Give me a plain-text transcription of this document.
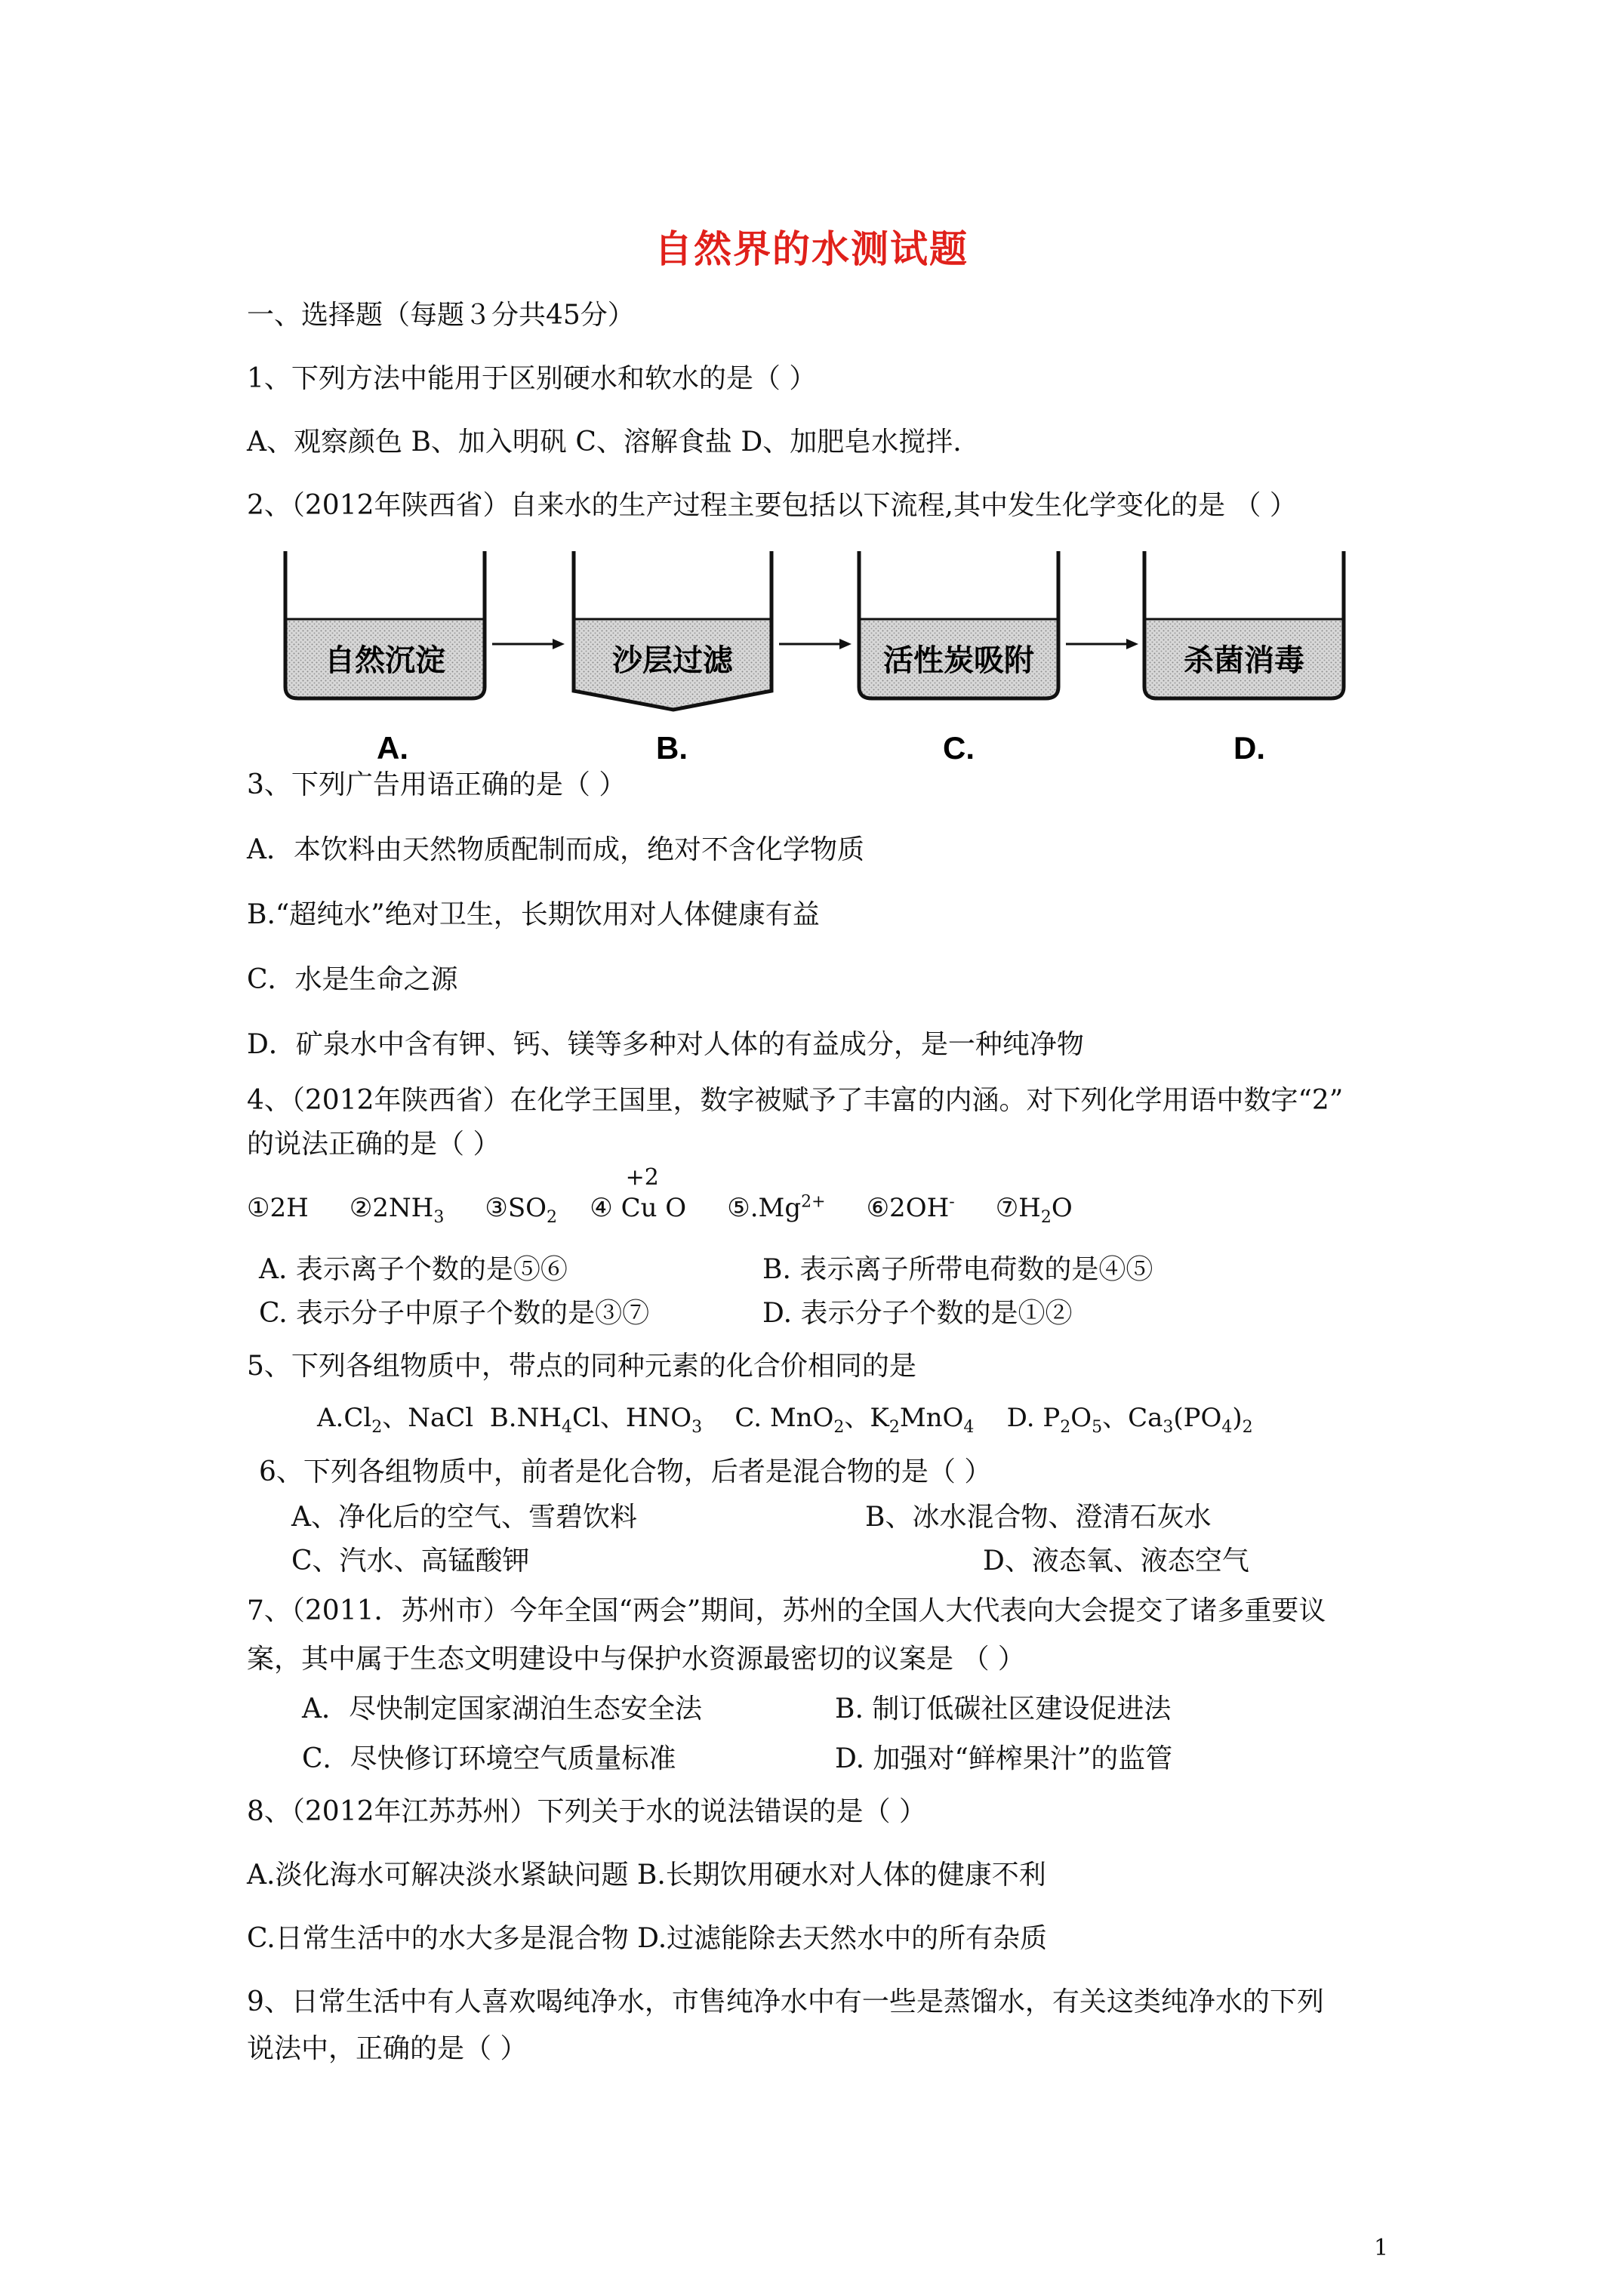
自然界的水测试题
一、选择题（每题３分共45分）
1、下列方法中能用于区别硬水和软水的是（ ）
A、观察颜色 B、加入明矾 C、溶解食盐 D、加肥皂水搅拌.
2、（2012年陕西省）自来水的生产过程主要包括以下流程,其中发生化学变化的是 （ ）
自然沉淀	沙层过滤	活性炭吸附	杀菌消毒
A.	B.	C.	D.
3、下列广告用语正确的是（ ）
A．本饮料由天然物质配制而成，绝对不含化学物质
B.“超纯水”绝对卫生，长期饮用对人体健康有益
C．水是生命之源
D．矿泉水中含有钾、钙、镁等多种对人体的有益成分，是一种纯净物
4、（2012年陕西省）在化学王国里，数字被赋予了丰富的内涵。对下列化学用语中数字“2”
的说法正确的是（ ）
①2H $②2NH_3$ $③SO_2$ ④
+2
Cu O $⑤.Mg^{2+}$ ⑥2OH- $⑦H_2O$
A. 表示离子个数的是⑤⑥	B. 表示离子所带电荷数的是④⑤
C. 表示分子中原子个数的是③⑦	D. 表示分子个数的是①②
5、下列各组物质中，带点的同种元素的化合价相同的是
$A.Cl_2$、NaCl $B.NH_4Cl$、$HNO_3$ C. MnO$_2$、$K_2MnO_4$ D. $P_2O_5$、$Ca_3(PO_4)_2$
6、下列各组物质中，前者是化合物，后者是混合物的是（ ）
A、净化后的空气、雪碧饮料	B、冰水混合物、澄清石灰水
C、汽水、高锰酸钾	D、液态氧、液态空气
7、（2011．苏州市）今年全国“两会”期间，苏州的全国人大代表向大会提交了诸多重要议
案，其中属于生态文明建设中与保护水资源最密切的议案是 （ ）
A．尽快制定国家湖泊生态安全法	B. 制订低碳社区建设促进法
C．尽快修订环境空气质量标准	D. 加强对“鲜榨果汁”的监管
8、（2012年江苏苏州）下列关于水的说法错误的是（ ）
A.淡化海水可解决淡水紧缺问题 B.长期饮用硬水对人体的健康不利
C.日常生活中的水大多是混合物 D.过滤能除去天然水中的所有杂质
9、日常生活中有人喜欢喝纯净水，市售纯净水中有一些是蒸馏水，有关这类纯净水的下列
说法中，正确的是（ ）
1
